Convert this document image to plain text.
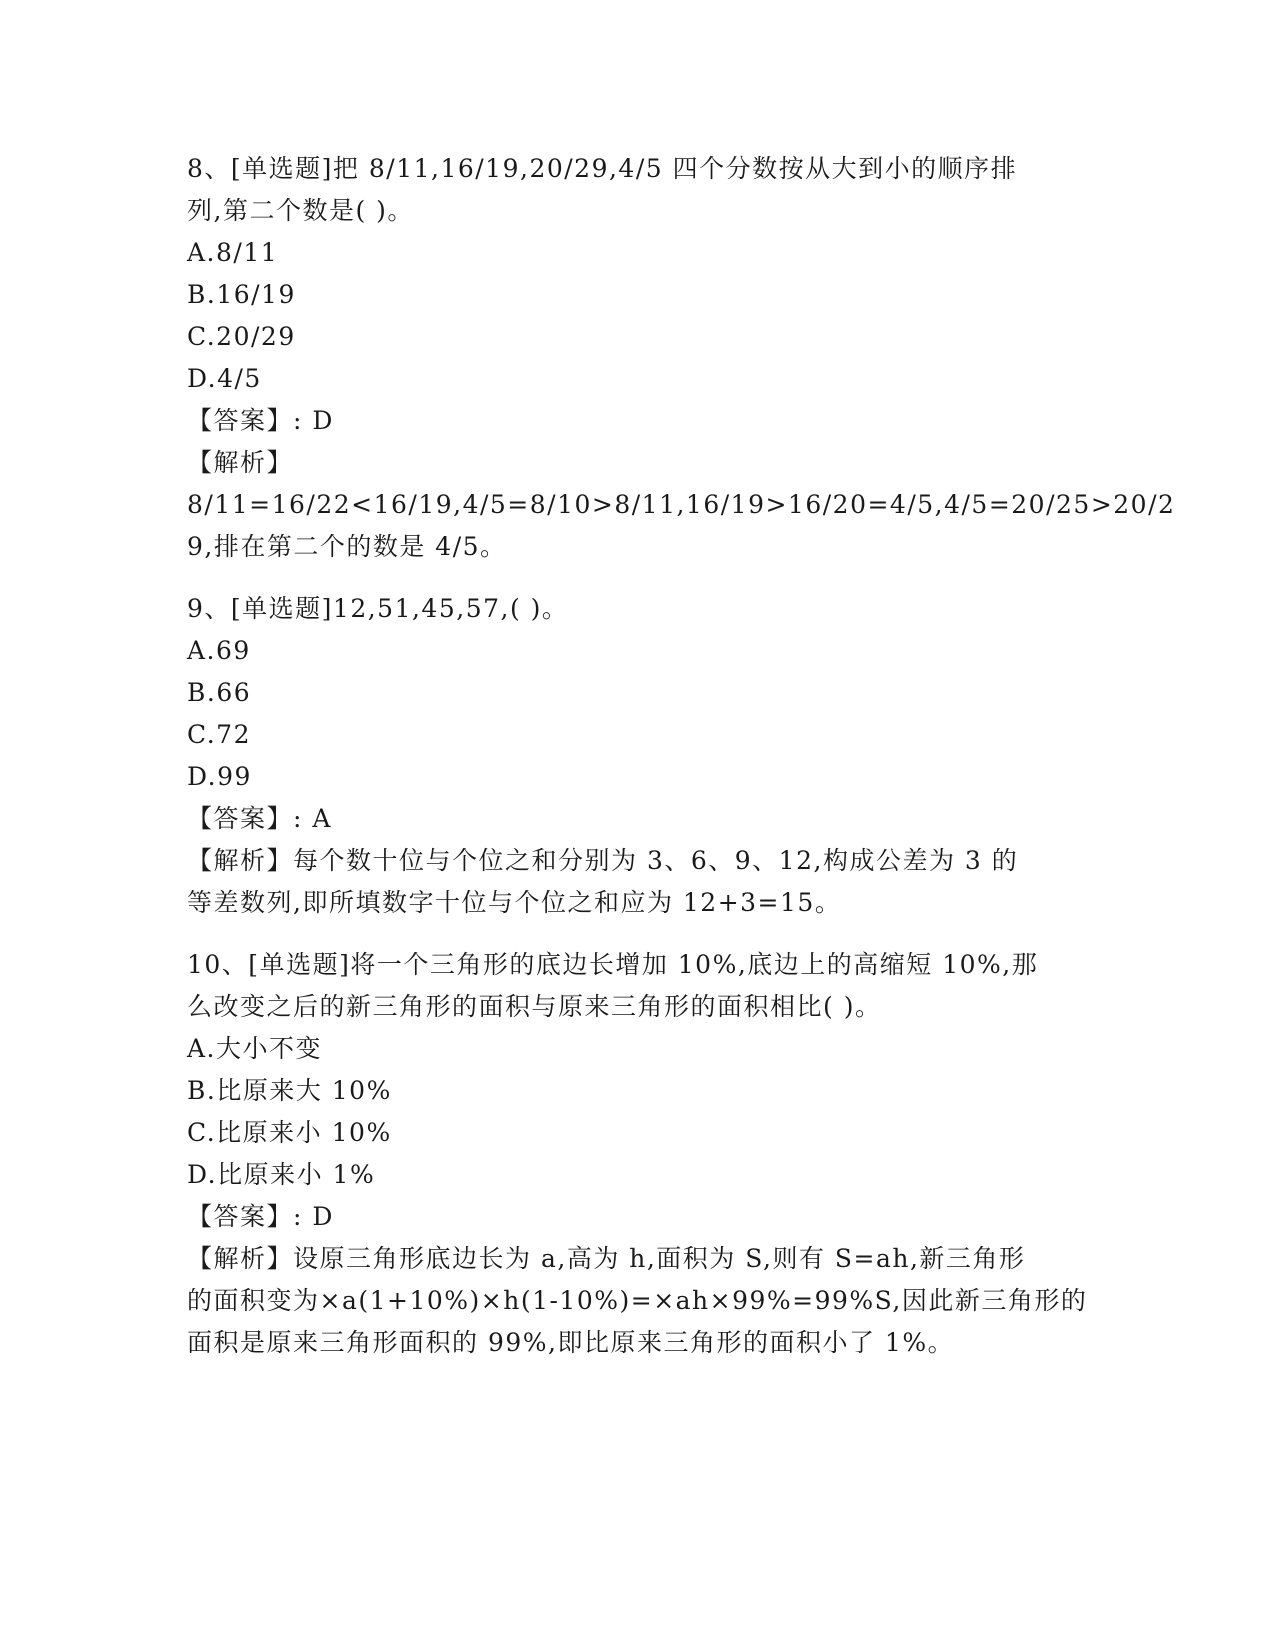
8、[单选题]把 8/11,16/19,20/29,4/5 四个分数按从大到小的顺序排
列,第二个数是( )。
A.8/11
B.16/19
C.20/29
D.4/5
【答案】: D
【解析】
8/11=16/22<16/19,4/5=8/10>8/11,16/19>16/20=4/5,4/5=20/25>20/2
9,排在第二个的数是 4/5。
9、[单选题]12,51,45,57,( )。
A.69
B.66
C.72
D.99
【答案】: A
【解析】每个数十位与个位之和分别为 3、6、9、12,构成公差为 3 的
等差数列,即所填数字十位与个位之和应为 12+3=15。
10、[单选题]将一个三角形的底边长增加 10%,底边上的高缩短 10%,那
么改变之后的新三角形的面积与原来三角形的面积相比( )。
A.大小不变
B.比原来大 10%
C.比原来小 10%
D.比原来小 1%
【答案】: D
【解析】设原三角形底边长为 a,高为 h,面积为 S,则有 S=ah,新三角形
的面积变为×a(1+10%)×h(1-10%)=×ah×99%=99%S,因此新三角形的
面积是原来三角形面积的 99%,即比原来三角形的面积小了 1%。
